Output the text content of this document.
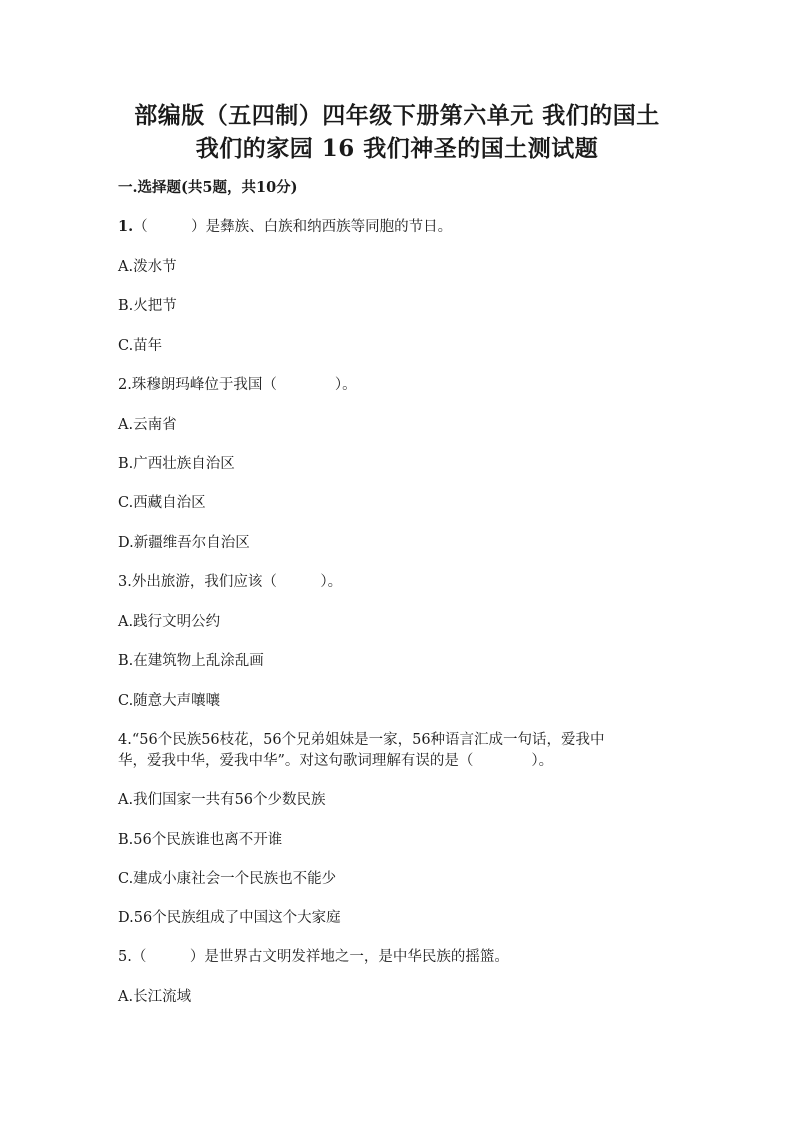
部编版（五四制）四年级下册第六单元 我们的国土
我们的家园 16 我们神圣的国土测试题
一.选择题(共5题，共10分)
1.（　　　）是彝族、白族和纳西族等同胞的节日。
A.泼水节
B.火把节
C.苗年
2.珠穆朗玛峰位于我国（　　　　）。
A.云南省
B.广西壮族自治区
C.西藏自治区
D.新疆维吾尔自治区
3.外出旅游，我们应该（　　　）。
A.践行文明公约
B.在建筑物上乱涂乱画
C.随意大声嚷嚷
4.“56个民族56枝花，56个兄弟姐妹是一家，56种语言汇成一句话，爱我中
华，爱我中华，爱我中华”。对这句歌词理解有误的是（　　　　）。
A.我们国家一共有56个少数民族
B.56个民族谁也离不开谁
C.建成小康社会一个民族也不能少
D.56个民族组成了中国这个大家庭
5.（　　　）是世界古文明发祥地之一，是中华民族的摇篮。
A.长江流域
